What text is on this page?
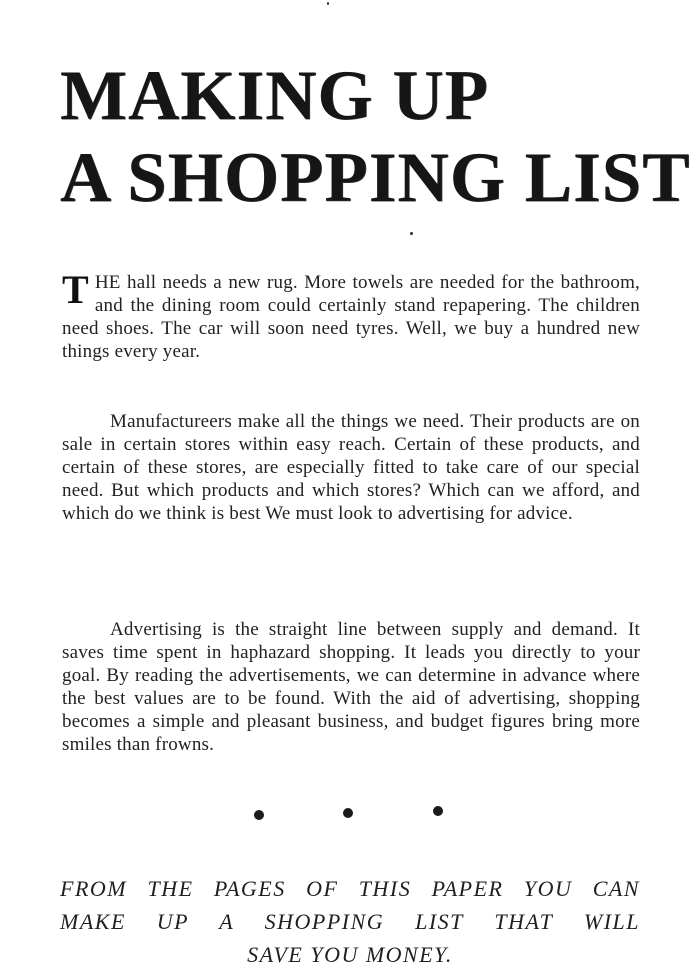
MAKING UP
A SHOPPING LIST

THE hall needs a new rug. More towels are needed for the bathroom, and the dining room could certainly stand repapering. The children need shoes. The car will soon need tyres. Well, we buy a hundred new things every year.

Manufactureers make all the things we need. Their products are on sale in certain stores within easy reach. Certain of these products, and certain of these stores, are especially fitted to take care of our special need. But which products and which stores? Which can we afford, and which do we think is best We must look to advertising for advice.

Advertising is the straight line between supply and demand. It saves time spent in haphazard shopping. It leads you directly to your goal. By reading the advertisements, we can determine in advance where the best values are to be found. With the aid of advertising, shopping becomes a simple and pleasant business, and budget figures bring more smiles than frowns.

FROM THE PAGES OF THIS PAPER YOU CAN
MAKE UP A SHOPPING LIST THAT WILL
SAVE YOU MONEY.
